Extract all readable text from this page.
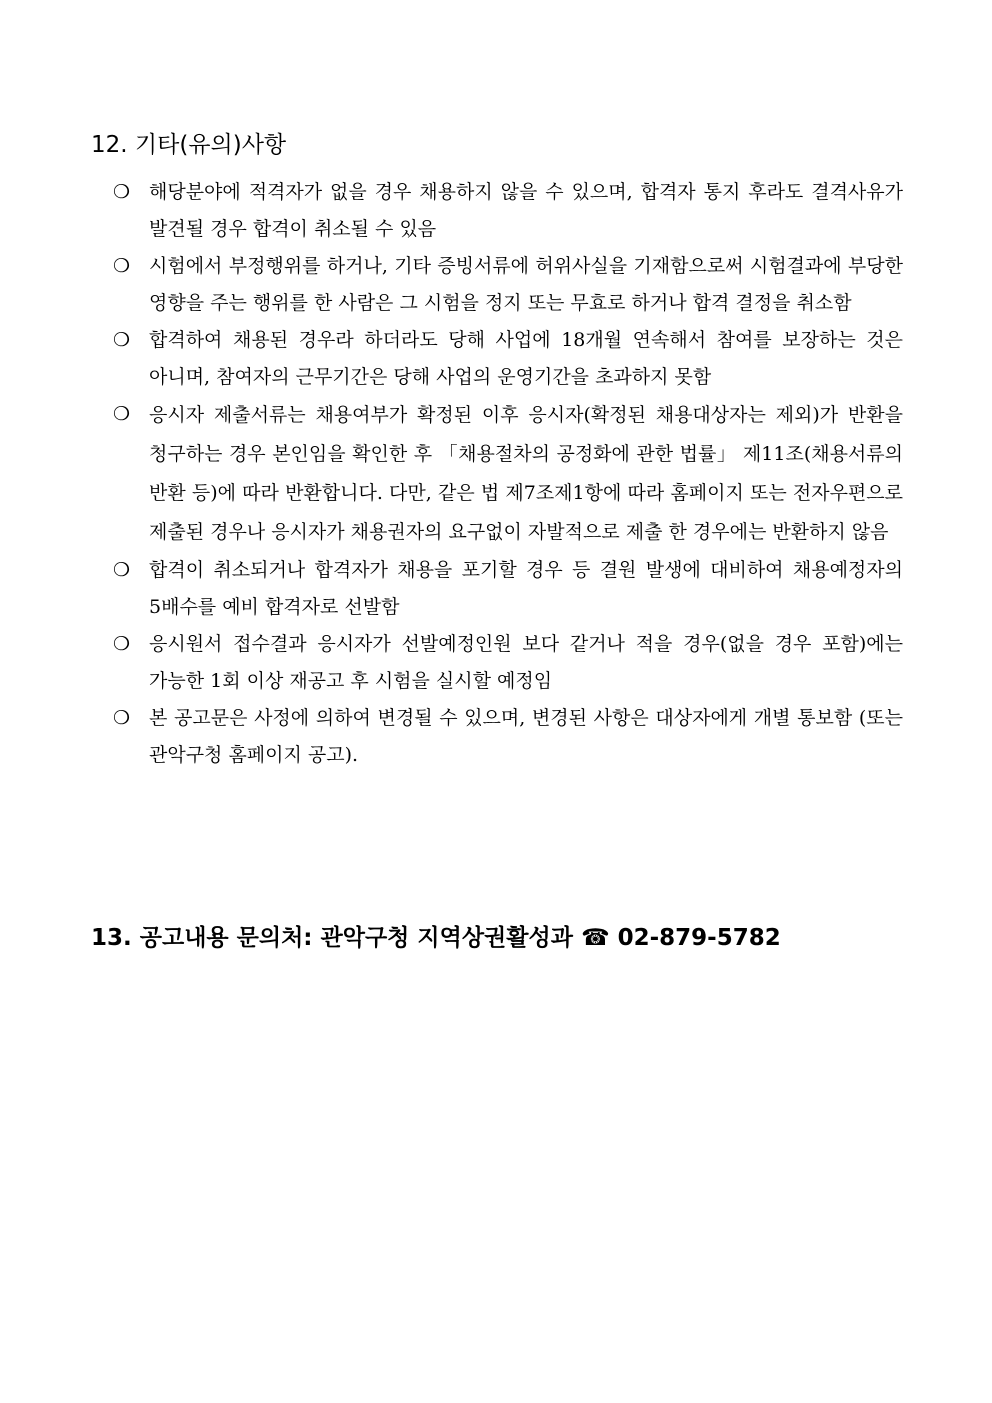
12. 기타(유의)사항
❍ 해당분야에 적격자가 없을 경우 채용하지 않을 수 있으며, 합격자 통지 후라도 결격사유가 발견될 경우 합격이 취소될 수 있음

❍ 시험에서 부정행위를 하거나, 기타 증빙서류에 허위사실을 기재함으로써 시험결과에 부당한 영향을 주는 행위를 한 사람은 그 시험을 정지 또는 무효로 하거나 합격 결정을 취소함

❍ 합격하여 채용된 경우라 하더라도 당해 사업에 18개월 연속해서 참여를 보장하는 것은 아니며, 참여자의 근무기간은 당해 사업의 운영기간을 초과하지 못함

❍ 응시자 제출서류는 채용여부가 확정된 이후 응시자(확정된 채용대상자는 제외)가 반환을 청구하는 경우 본인임을 확인한 후 「채용절차의 공정화에 관한 법률」 제11조(채용서류의 반환 등)에 따라 반환합니다. 다만, 같은 법 제7조제1항에 따라 홈페이지 또는 전자우편으로 제출된 경우나 응시자가 채용권자의 요구없이 자발적으로 제출 한 경우에는 반환하지 않음

❍ 합격이 취소되거나 합격자가 채용을 포기할 경우 등 결원 발생에 대비하여 채용예정자의 5배수를 예비 합격자로 선발함

❍ 응시원서 접수결과 응시자가 선발예정인원 보다 같거나 적을 경우(없을 경우 포함)에는 가능한 1회 이상 재공고 후 시험을 실시할 예정임

❍ 본 공고문은 사정에 의하여 변경될 수 있으며, 변경된 사항은 대상자에게 개별 통보함 (또는 관악구청 홈페이지 공고).

13. 공고내용 문의처: 관악구청 지역상권활성과 ☎ 02-879-5782
